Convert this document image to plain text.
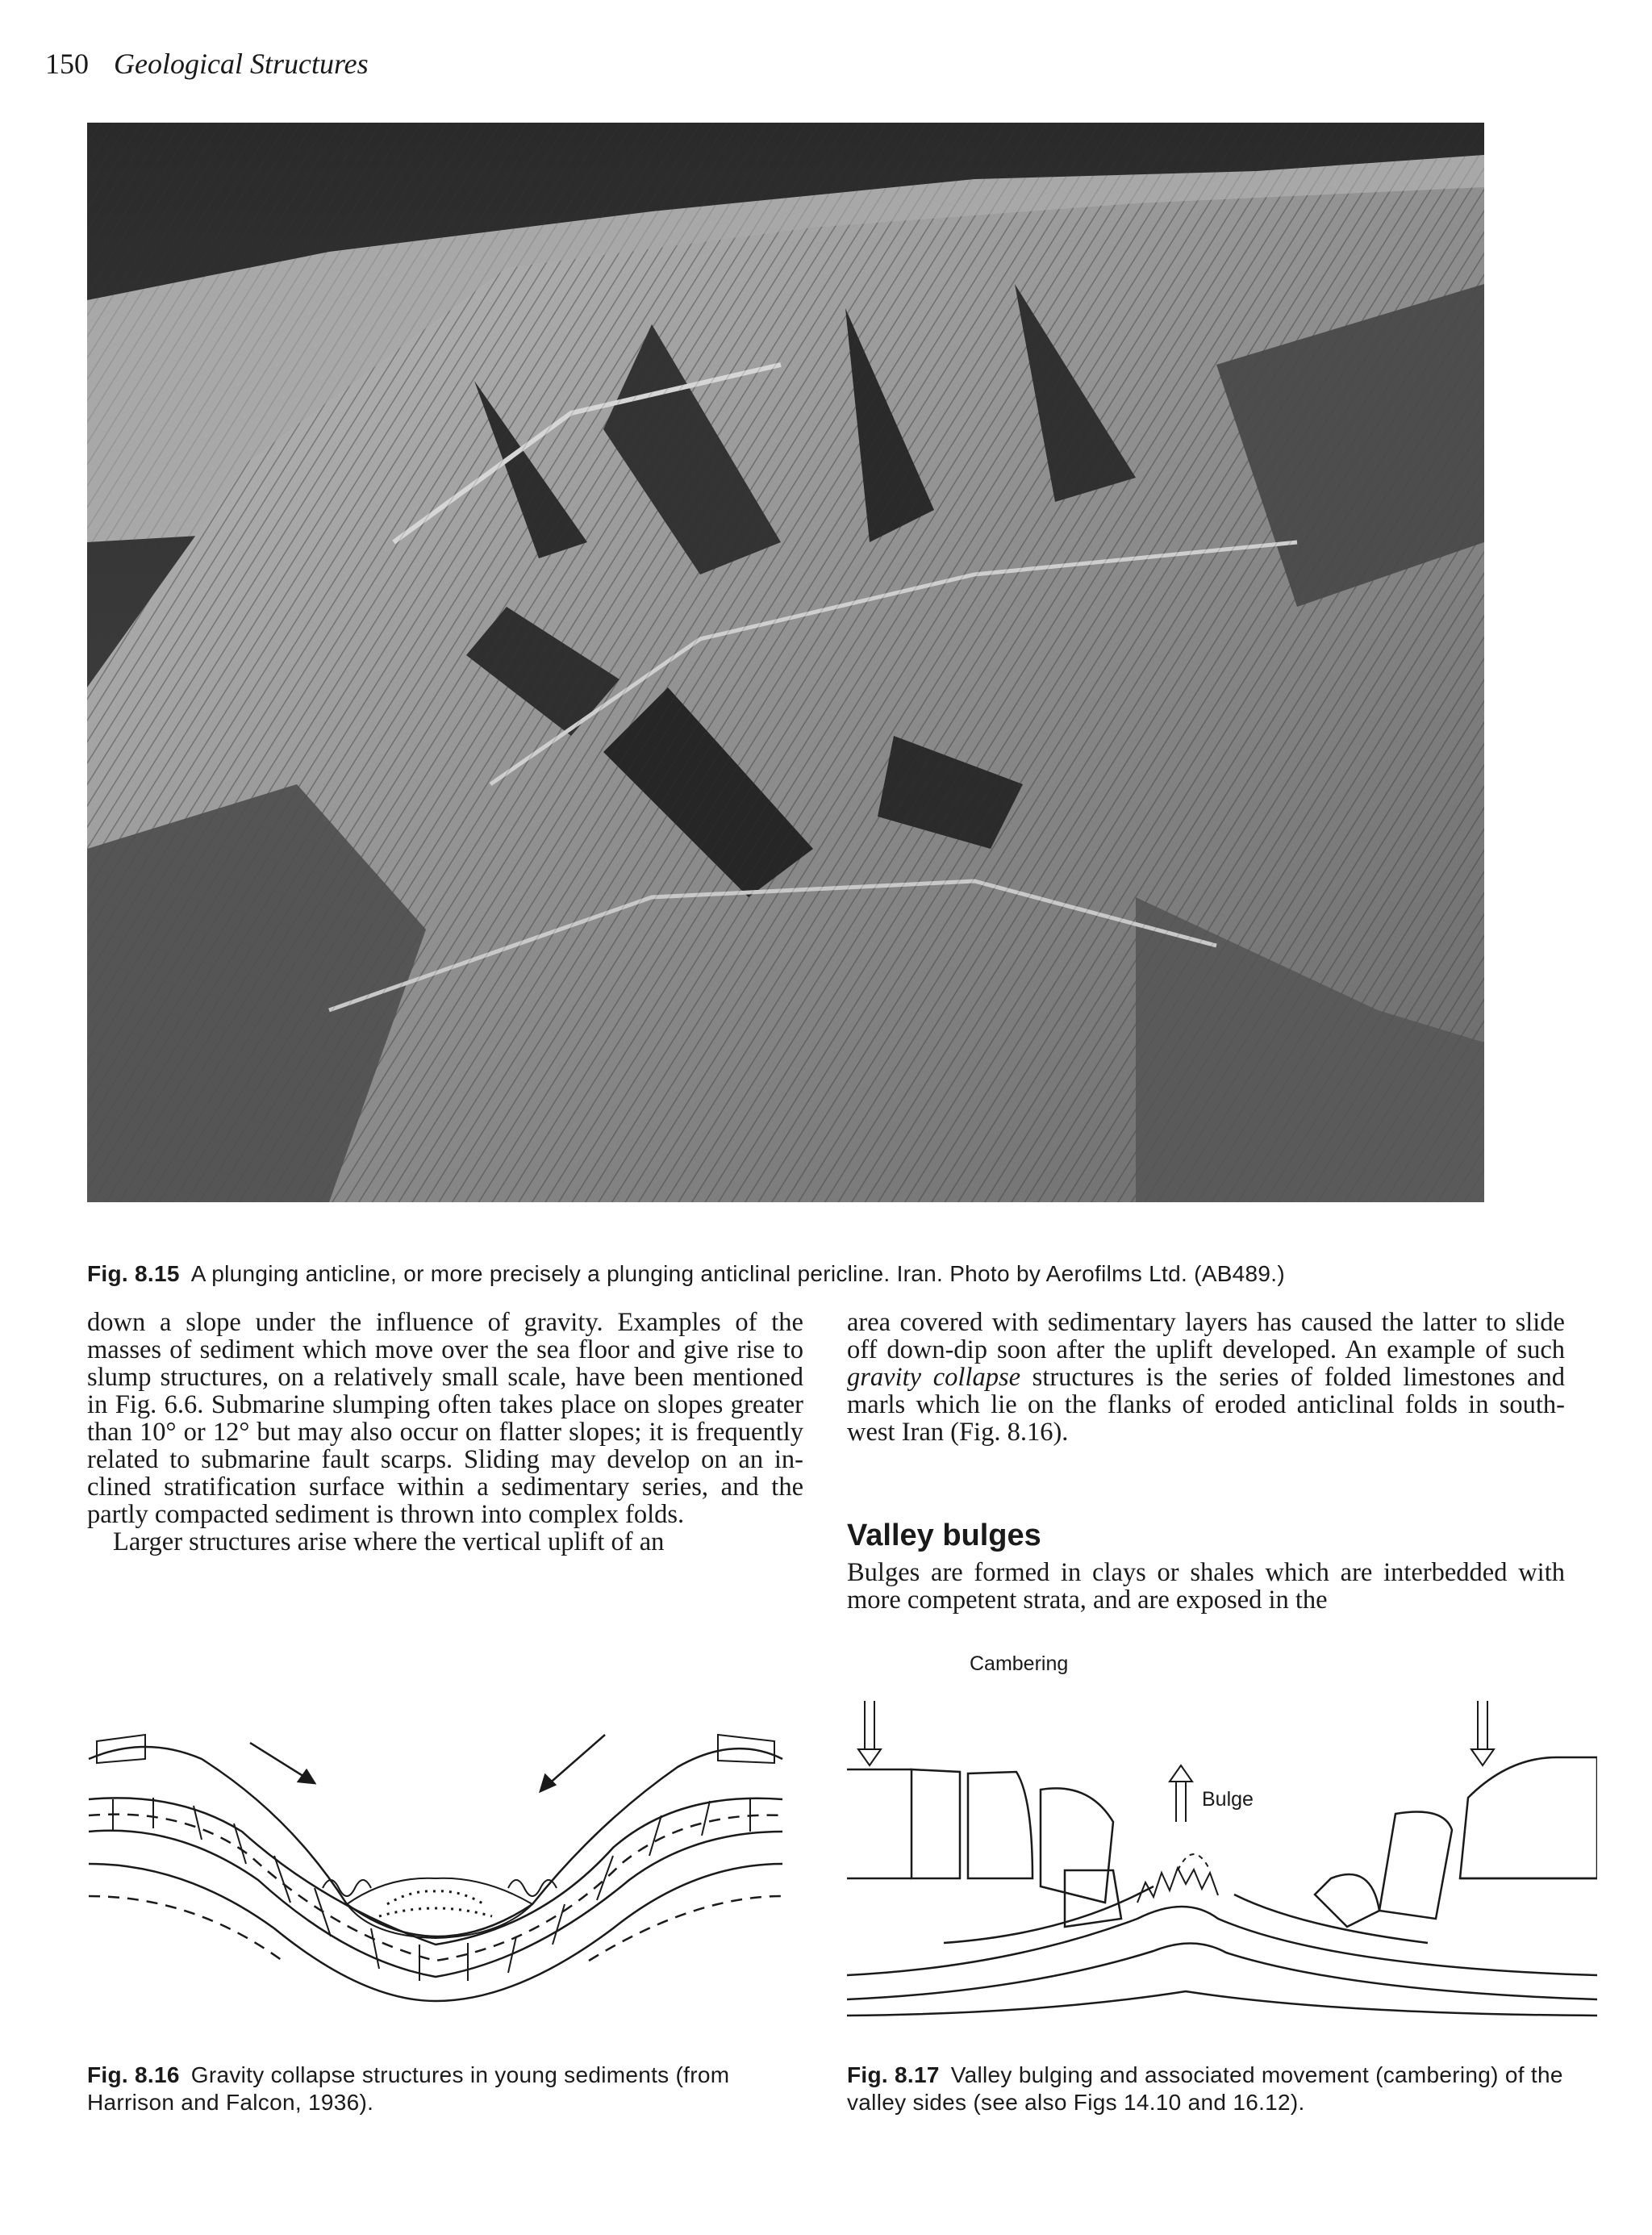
150 Geological Structures
Fig. 8.15 A plunging anticline, or more precisely a plunging anticlinal pericline. Iran. Photo by Aerofilms Ltd. (AB489.)

down a slope under the influence of gravity. Examples of the masses of sediment which move over the sea floor and give rise to slump structures, on a relatively small scale, have been mentioned in Fig. 6.6. Submarine slumping often takes place on slopes greater than 10° or 12° but may also occur on flatter slopes; it is frequently related to submarine fault scarps. Sliding may develop on an inclined stratification surface within a sedimentary series, and the partly compacted sediment is thrown into complex folds.

Larger structures arise where the vertical uplift of an

area covered with sedimentary layers has caused the latter to slide off down-dip soon after the uplift developed. An example of such gravity collapse structures is the series of folded limestones and marls which lie on the flanks of eroded anticlinal folds in south-west Iran (Fig. 8.16).

Valley bulges

Bulges are formed in clays or shales which are interbedded with more competent strata, and are exposed in the

Cambering
Bulge
Fig. 8.16 Gravity collapse structures in young sediments (from Harrison and Falcon, 1936).
Fig. 8.17 Valley bulging and associated movement (cambering) of the valley sides (see also Figs 14.10 and 16.12).
